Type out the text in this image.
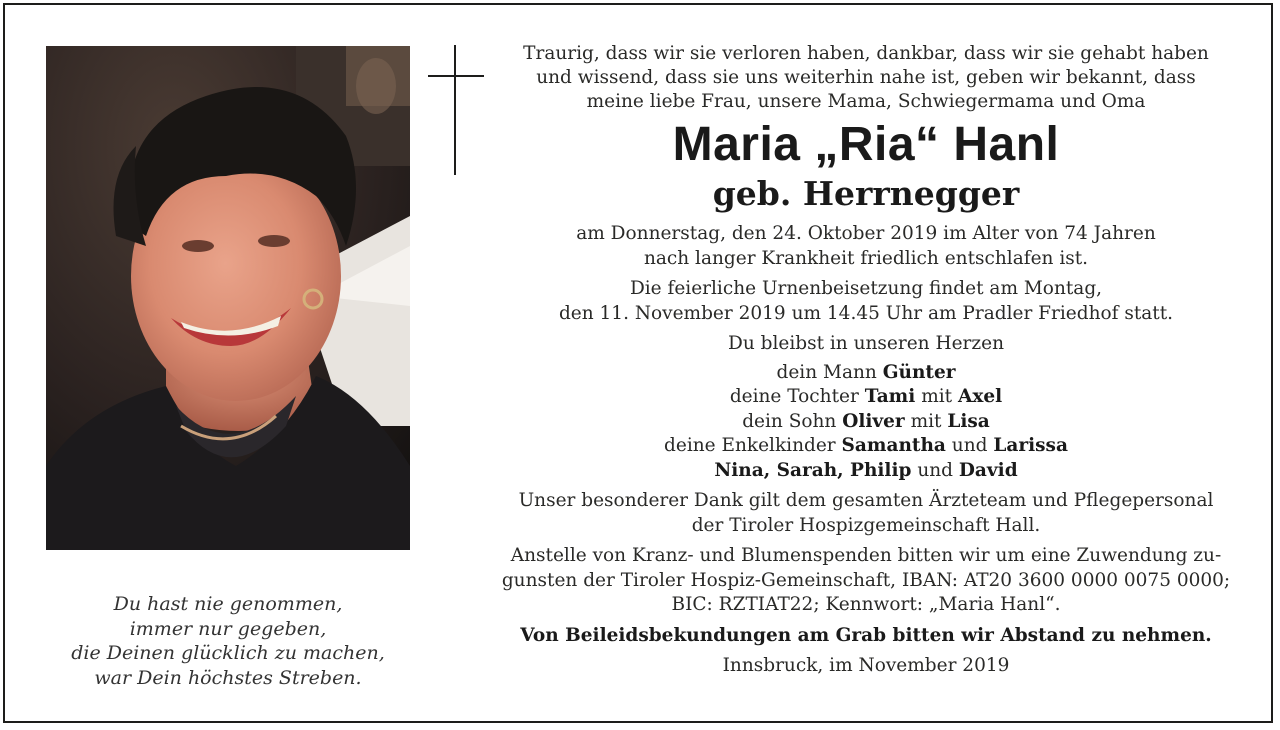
Du hast nie genommen,
immer nur gegeben,
die Deinen glücklich zu machen,
war Dein höchstes Streben.
Traurig, dass wir sie verloren haben, dankbar, dass wir sie gehabt haben
und wissend, dass sie uns weiterhin nahe ist, geben wir bekannt, dass
meine liebe Frau, unsere Mama, Schwiegermama und Oma
Maria „Ria“ Hanl
geb. Herrnegger
am Donnerstag, den 24. Oktober 2019 im Alter von 74 Jahren
nach langer Krankheit friedlich entschlafen ist.
Die feierliche Urnenbeisetzung findet am Montag,
den 11. November 2019 um 14.45 Uhr am Pradler Friedhof statt.
Du bleibst in unseren Herzen
dein Mann Günter
deine Tochter Tami mit Axel
dein Sohn Oliver mit Lisa
deine Enkelkinder Samantha und Larissa
Nina, Sarah, Philip und David
Unser besonderer Dank gilt dem gesamten Ärzteteam und Pflegepersonal
der Tiroler Hospizgemeinschaft Hall.
Anstelle von Kranz- und Blumenspenden bitten wir um eine Zuwendung zu-
gunsten der Tiroler Hospiz-Gemeinschaft, IBAN: AT20 3600 0000 0075 0000;
BIC: RZTIAT22; Kennwort: „Maria Hanl“.
Von Beileidsbekundungen am Grab bitten wir Abstand zu nehmen.
Innsbruck, im November 2019
